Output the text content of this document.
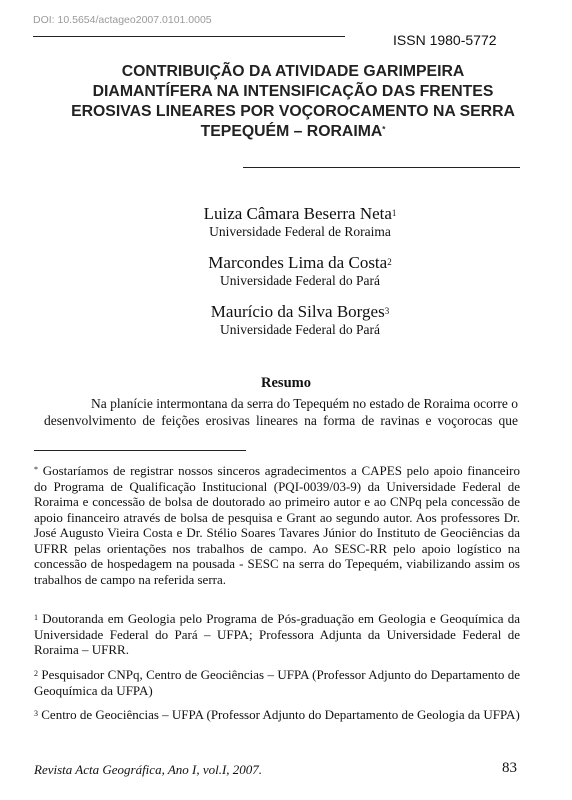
DOI: 10.5654/actageo2007.0101.0005
ISSN 1980-5772
CONTRIBUIÇÃO DA ATIVIDADE GARIMPEIRA
DIAMANTÍFERA NA INTENSIFICAÇÃO DAS FRENTES
EROSIVAS LINEARES POR VOÇOROCAMENTO NA SERRA
TEPEQUÉM – RORAIMA*
Luiza Câmara Beserra Neta$^1$
Universidade Federal de Roraima
Marcondes Lima da Costa$^2$
Universidade Federal do Pará
Maurício da Silva Borges$^3$
Universidade Federal do Pará
Resumo
Na planície intermontana da serra do Tepequém no estado de Roraima ocorre o
desenvolvimento de feições erosivas lineares na forma de ravinas e voçorocas que
* Gostaríamos de registrar nossos sinceros agradecimentos a CAPES pelo apoio financeiro do Programa de Qualificação Institucional (PQI-0039/03-9) da Universidade Federal de Roraima e concessão de bolsa de doutorado ao primeiro autor e ao CNPq pela concessão de apoio financeiro através de bolsa de pesquisa e Grant ao segundo autor. Aos professores Dr. José Augusto Vieira Costa e Dr. Stélio Soares Tavares Júnior do Instituto de Geociências da UFRR pelas orientações nos trabalhos de campo. Ao SESC-RR pelo apoio logístico na concessão de hospedagem na pousada - SESC na serra do Tepequém, viabilizando assim os trabalhos de campo na referida serra.
$^1$ Doutoranda em Geologia pelo Programa de Pós-graduação em Geologia e Geoquímica da Universidade Federal do Pará – UFPA; Professora Adjunta da Universidade Federal de Roraima – UFRR.
$^2$ Pesquisador CNPq, Centro de Geociências – UFPA (Professor Adjunto do Departamento de Geoquímica da UFPA)
$^3$ Centro de Geociências – UFPA (Professor Adjunto do Departamento de Geologia da UFPA)
Revista Acta Geográfica, Ano I, vol.I, 2007.	83
